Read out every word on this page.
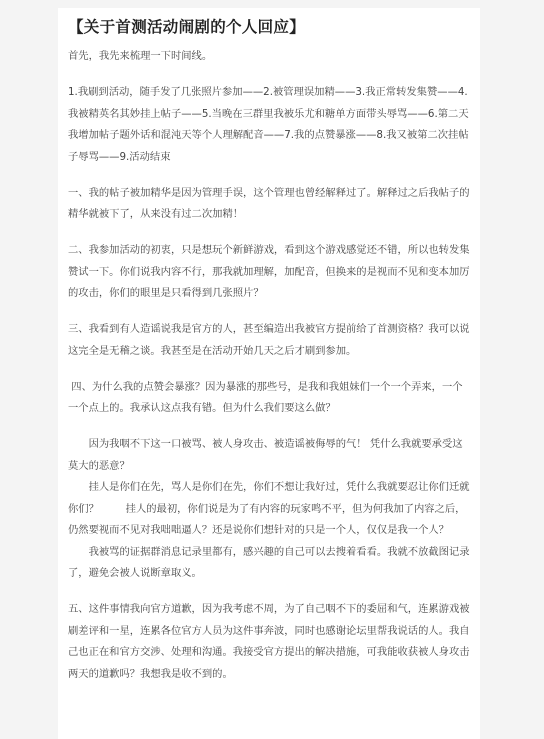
【关于首测活动闹剧的个人回应】

首先，我先来梳理一下时间线。

1.我刷到活动，随手发了几张照片参加——2.被管理误加精——3.我正常转发集赞——4.我被精英名其妙挂上帖子——5.当晚在三群里我被乐尤和糖单方面带头辱骂——6.第二天我增加帖子题外话和混沌天等个人理解配音——7.我的点赞暴涨——8.我又被第二次挂帖子辱骂——9.活动结束

一、我的帖子被加精华是因为管理手误，这个管理也曾经解释过了。解释过之后我帖子的精华就被下了，从来没有过二次加精！

二、我参加活动的初衷，只是想玩个新鲜游戏，看到这个游戏感觉还不错，所以也转发集赞试一下。你们说我内容不行，那我就加理解，加配音，但换来的是视而不见和变本加厉的攻击，你们的眼里是只看得到几张照片？

三、我看到有人造谣说我是官方的人，甚至编造出我被官方提前给了首测资格？我可以说这完全是无稽之谈。我甚至是在活动开始几天之后才刷到参加。

四、为什么我的点赞会暴涨？因为暴涨的那些号，是我和我姐妹们一个一个弄来，一个一个点上的。我承认这点我有错。但为什么我们要这么做？

因为我咽不下这一口被骂、被人身攻击、被造谣被侮辱的气！ 凭什么我就要承受这莫大的恶意？

挂人是你们在先，骂人是你们在先，你们不想让我好过，凭什么我就要忍让你们迁就你们？	挂人的最初，你们说是为了有内容的玩家鸣不平，但为何我加了内容之后，仍然要视而不见对我咄咄逼人？还是说你们想针对的只是一个人，仅仅是我一个人？

我被骂的证据群消息记录里都有，感兴趣的自己可以去搜着看看。我就不放截图记录了，避免会被人说断章取义。

五、这件事情我向官方道歉，因为我考虑不周，为了自己咽不下的委屈和气，连累游戏被刷差评和一星，连累各位官方人员为这件事奔波，同时也感谢论坛里帮我说话的人。我自己也正在和官方交涉、处理和沟通。我接受官方提出的解决措施，可我能收获被人身攻击两天的道歉吗？我想我是收不到的。
